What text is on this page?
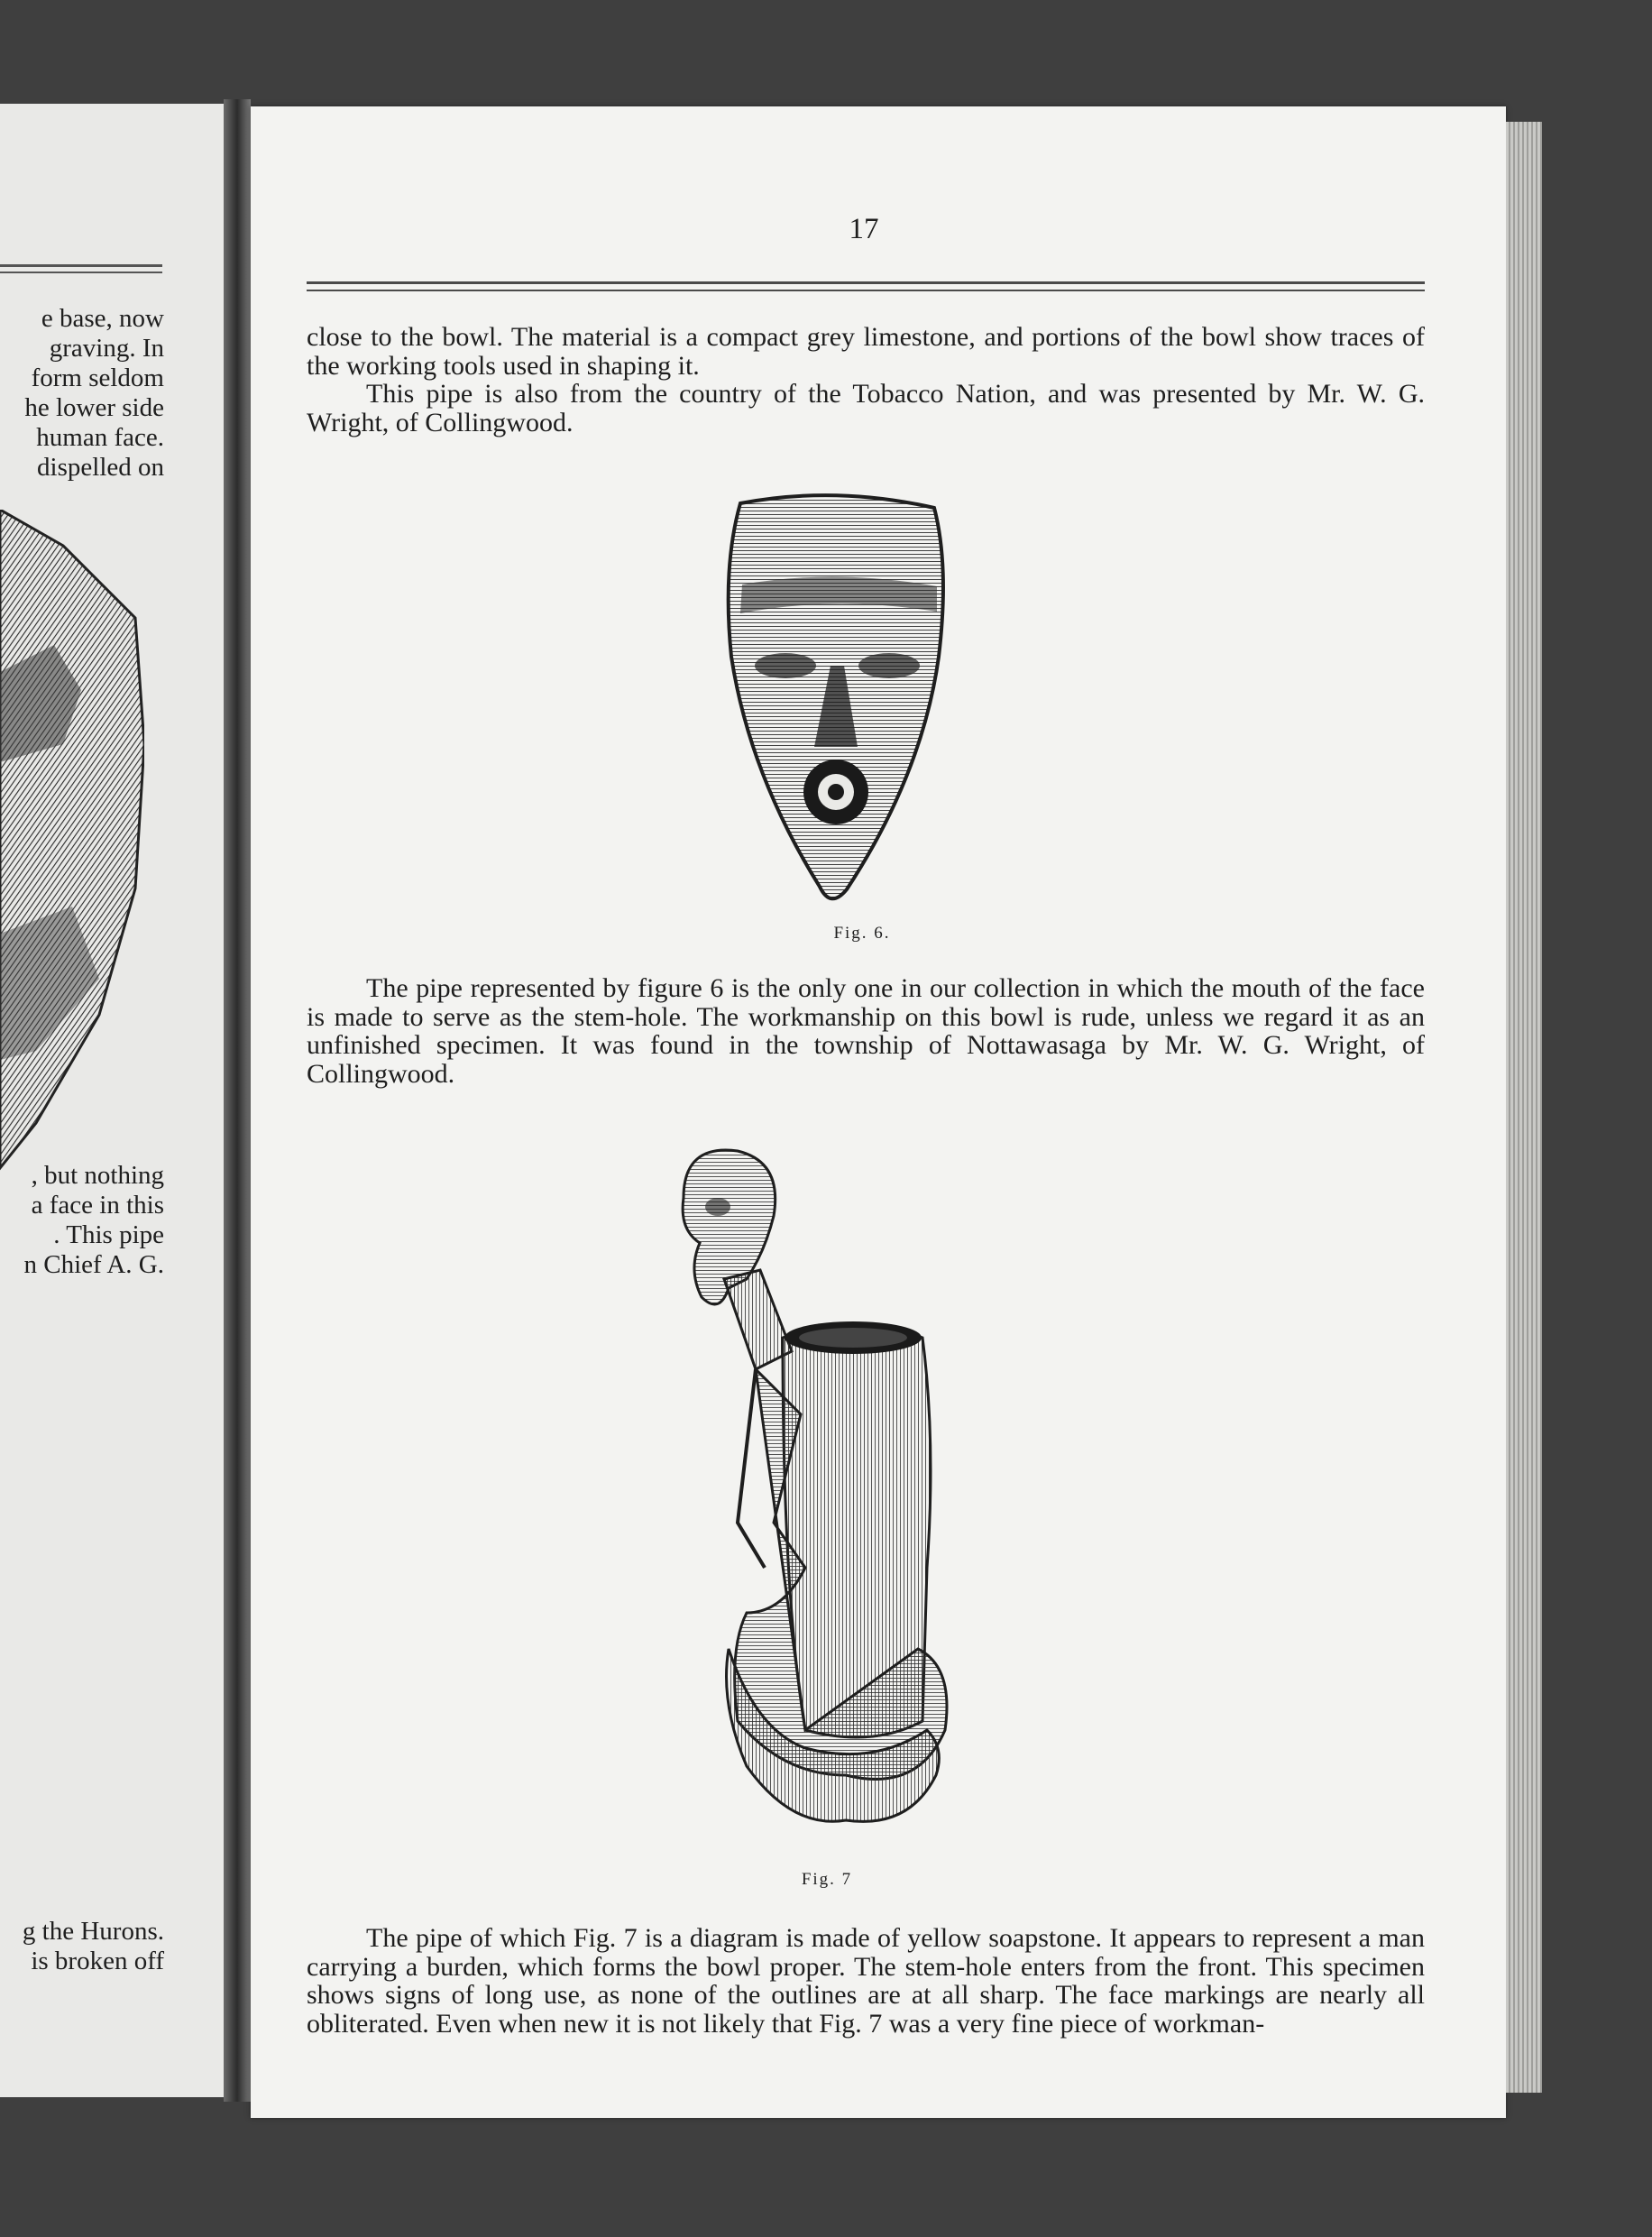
e base, now

graving. In

form seldom

he lower side

human face.

dispelled on

, but nothing

a face in this

. This pipe

n Chief A. G.

g the Hurons.

is broken off

17

close to the bowl. The material is a compact grey limestone, and portions of the bowl show traces of the working tools used in shaping it.

This pipe is also from the country of the Tobacco Nation, and was presented by Mr. W. G. Wright, of Collingwood.

Fig. 6.

The pipe represented by figure 6 is the only one in our collection in which the mouth of the face is made to serve as the stem-hole. The workmanship on this bowl is rude, unless we regard it as an unfinished specimen. It was found in the township of Nottawasaga by Mr. W. G. Wright, of Collingwood.

Fig. 7

The pipe of which Fig. 7 is a diagram is made of yellow soapstone. It appears to represent a man carrying a burden, which forms the bowl proper. The stem-hole enters from the front. This specimen shows signs of long use, as none of the outlines are at all sharp. The face markings are nearly all obliterated. Even when new it is not likely that Fig. 7 was a very fine piece of workman-
